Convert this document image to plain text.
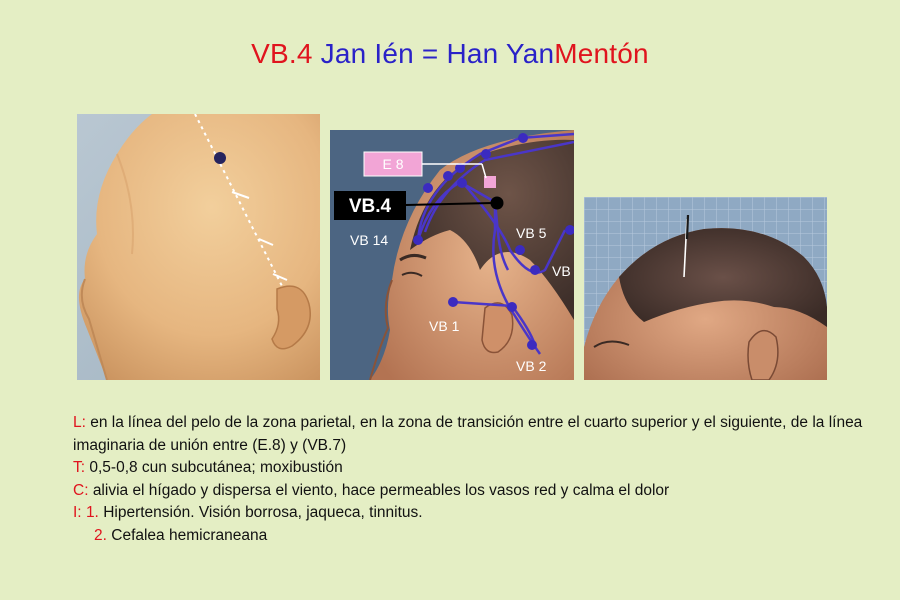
VB.4 Jan Ién = Han YanMentón
E 8
VB.4
VB 14	VB 5
VB
VB 1
VB 2

L: en la línea del pelo de la zona parietal, en la zona de transición entre el cuarto superior y el siguiente, de la línea imaginaria de unión entre (E.8) y (VB.7)

T: 0,5-0,8 cun subcutánea; moxibustión

C: alivia el hígado y dispersa el viento, hace permeables los vasos red y calma el dolor

I: 1. Hipertensión. Visión borrosa, jaqueca, tinnitus.

2. Cefalea hemicraneana
